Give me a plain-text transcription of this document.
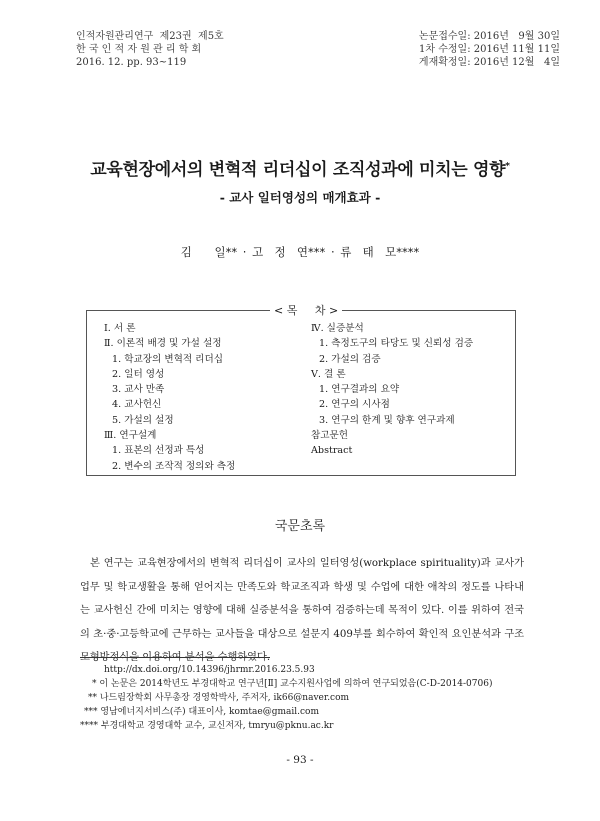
인적자원관리연구  제23권  제5호
한 국 인 적 자 원 관 리 학 회
2016. 12. pp. 93~119
논문접수일: 2016년   9월 30일
1차 수정일: 2016년 11월 11일
게재확정일: 2016년 12월   4일
교육현장에서의 변혁적 리더십이 조직성과에 미치는 영향*
- 교사 일터영성의 매개효과 -
김    일** · 고  정  연*** · 류  태  모****
< 목     차 >
Ⅰ. 서 론
Ⅱ. 이론적 배경 및 가설 설정
1. 학교장의 변혁적 리더십
2. 일터 영성
3. 교사 만족
4. 교사헌신
5. 가설의 설정
Ⅲ. 연구설계
1. 표본의 선정과 특성
2. 변수의 조작적 정의와 측정
Ⅳ. 실증분석
1. 측정도구의 타당도 및 신뢰성 검증
2. 가설의 검증
Ⅴ. 결 론
1. 연구결과의 요약
2. 연구의 시사점
3. 연구의 한계 및 향후 연구과제
참고문헌
Abstract
국문초록
본 연구는 교육현장에서의 변혁적 리더십이 교사의 일터영성(workplace spirituality)과 교사가 업무 및 학교생활을 통해 얻어지는 만족도와 학교조직과 학생 및 수업에 대한 애착의 정도를 나타내는 교사헌신 간에 미치는 영향에 대해 실증분석을 통하여 검증하는데 목적이 있다. 이를 위하여 전국의 초·중·고등학교에 근무하는 교사들을 대상으로 설문지 409부를 회수하여 확인적 요인분석과 구조모형방정식을 이용하여 분석을 수행하였다.
http://dx.doi.org/10.14396/jhrmr.2016.23.5.93
* 이 논문은 2014학년도 부경대학교 연구년[Ⅱ] 교수지원사업에 의하여 연구되었음(C-D-2014-0706)
** 나드림장학회 사무총장 경영학박사, 주저자, ik66@naver.com
*** 영남에너지서비스(주) 대표이사, komtae@gmail.com
**** 부경대학교 경영대학 교수, 교신저자, tmryu@pknu.ac.kr
- 93 -
